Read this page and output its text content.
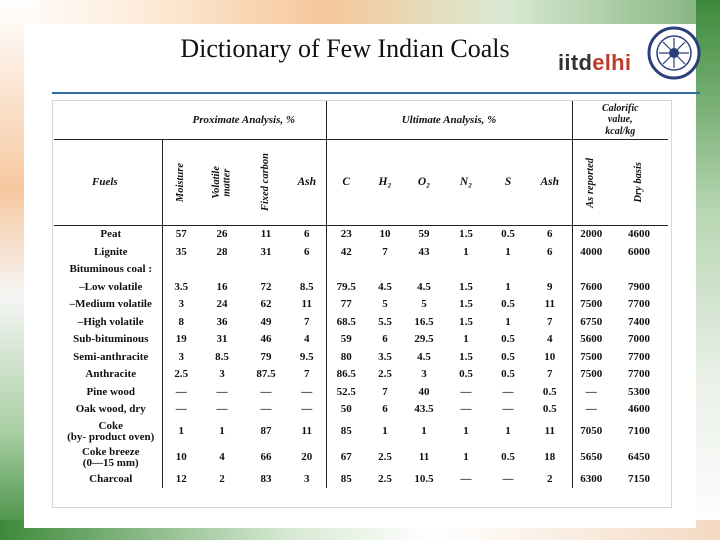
Dictionary of Few Indian Coals	iitdelhi
	Proximate Analysis, %				Ultimate Analysis, %						Calorific
value,
kcal/kg	
Fuels	Moisture	Volatile
matter	Fixed carbon	Ash	C	H₂	O₂	N₂	S	Ash	As reported	Dry basis

Peat	57	26	11	6	23	10	59	1.5	0.5	6	2000	4600
Lignite	35	28	31	6	42	7	43	1	1	6	4000	6000
Bituminous coal :												
–Low volatile	3.5	16	72	8.5	79.5	4.5	4.5	1.5	1	9	7600	7900
–Medium volatile	3	24	62	11	77	5	5	1.5	0.5	11	7500	7700
–High volatile	8	36	49	7	68.5	5.5	16.5	1.5	1	7	6750	7400
Sub-bituminous	19	31	46	4	59	6	29.5	1	0.5	4	5600	7000
Semi-anthracite	3	8.5	79	9.5	80	3.5	4.5	1.5	0.5	10	7500	7700
Anthracite	2.5	3	87.5	7	86.5	2.5	3	0.5	0.5	7	7500	7700
Pine wood	—	—	—	—	52.5	7	40	—	—	0.5	—	5300
Oak wood, dry	—	—	—	—	50	6	43.5	—	—	0.5	—	4600
Coke
(by- product oven)	1	1	87	11	85	1	1	1	1	11	7050	7100
Coke breeze
(0—15 mm)	10	4	66	20	67	2.5	11	1	0.5	18	5650	6450
Charcoal	12	2	83	3	85	2.5	10.5	—	—	2	6300	7150
